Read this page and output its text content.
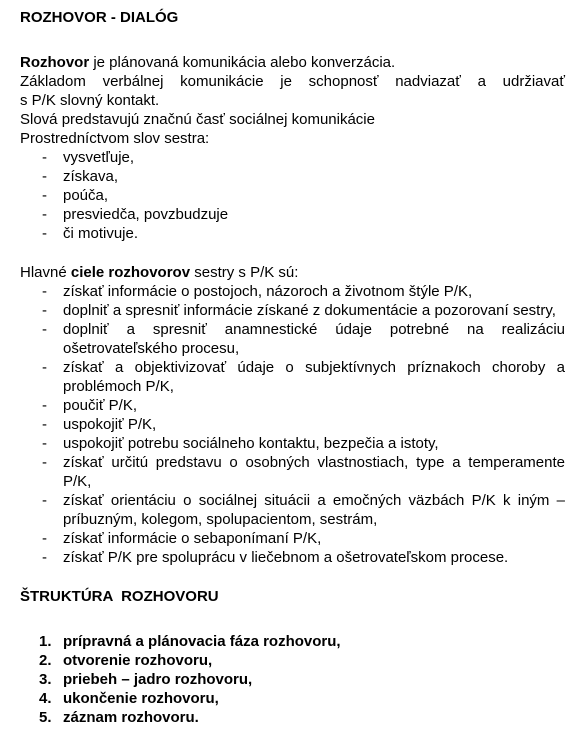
ROZHOVOR - DIALÓG

Rozhovor je plánovaná komunikácia alebo konverzácia.

Základom verbálnej komunikácie je schopnosť nadviazať a udržiavať

s P/K slovný kontakt.

Slová predstavujú značnú časť sociálnej komunikácie

Prostredníctvom slov sestra:

- vysvetľuje,
- získava,
- poúča,
- presviedča, povzbudzuje
- či motivuje.

Hlavné ciele rozhovorov sestry s P/K sú:

- získať informácie o postojoch, názoroch a životnom štýle P/K,
- doplniť a spresniť informácie získané z dokumentácie a pozorovaní sestry,
- doplniť a spresniť anamnestické údaje potrebné na realizáciu ošetrovateľského procesu,
- získať a objektivizovať údaje o subjektívnych príznakoch choroby a problémoch P/K,
- poučiť P/K,
- uspokojiť P/K,
- uspokojiť potrebu sociálneho kontaktu, bezpečia a istoty,
- získať určitú predstavu o osobných vlastnostiach, type a temperamente P/K,
- získať orientáciu o sociálnej situácii a emočných väzbách P/K k iným – príbuzným, kolegom, spolupacientom, sestrám,
- získať informácie o sebaponímaní P/K,
- získať P/K pre spoluprácu v liečebnom a ošetrovateľskom procese.
ŠTRUKTÚRA  ROZHOVORU
1. prípravná a plánovacia fáza rozhovoru,
2. otvorenie rozhovoru,
3. priebeh – jadro rozhovoru,
4. ukončenie rozhovoru,
5. záznam rozhovoru.
